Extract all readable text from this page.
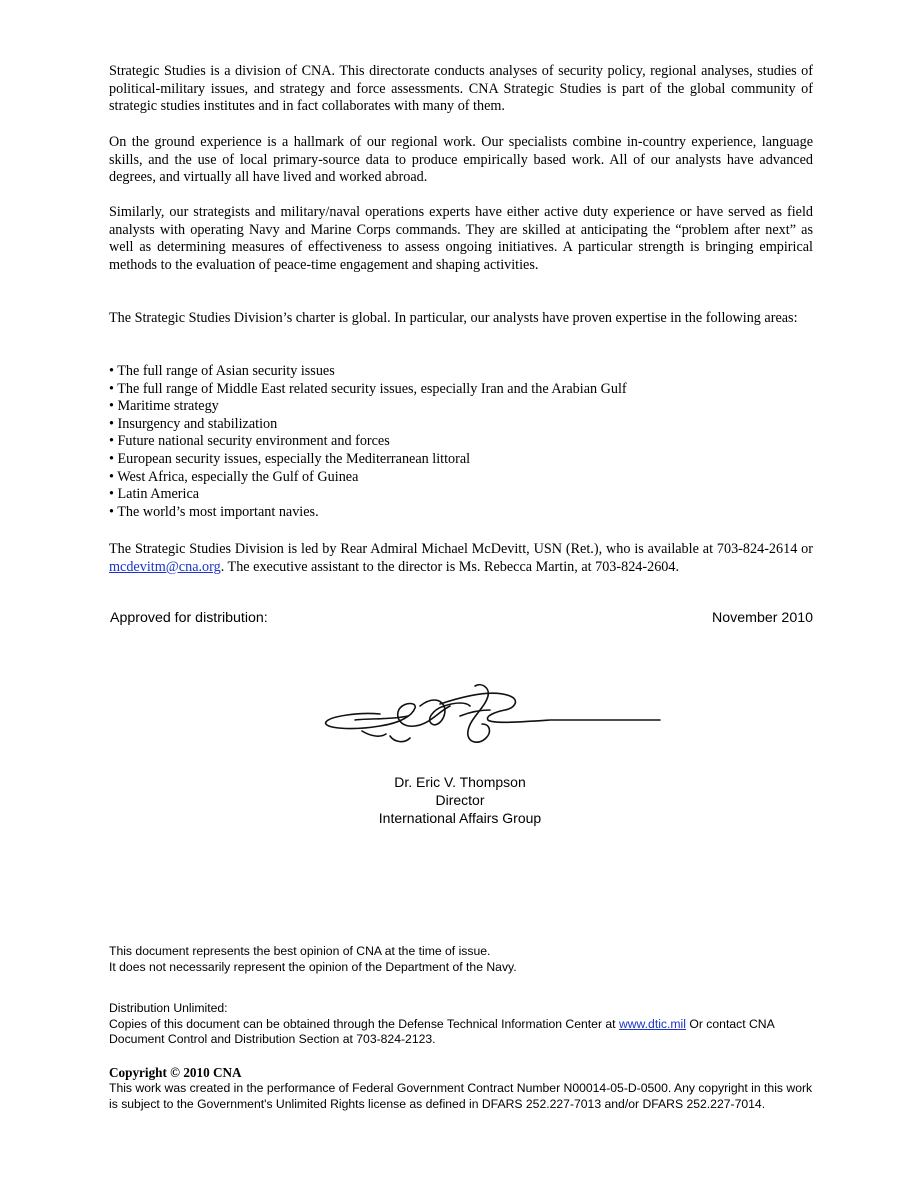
Strategic Studies is a division of CNA. This directorate conducts analyses of security policy, regional analyses, studies of political-military issues, and strategy and force assessments. CNA Strategic Studies is part of the global community of strategic studies institutes and in fact collaborates with many of them.

On the ground experience is a hallmark of our regional work. Our specialists combine in-country experience, language skills, and the use of local primary-source data to produce empirically based work. All of our analysts have advanced degrees, and virtually all have lived and worked abroad.

Similarly, our strategists and military/naval operations experts have either active duty experience or have served as field analysts with operating Navy and Marine Corps commands. They are skilled at anticipating the “problem after next” as well as determining measures of effectiveness to assess ongoing initiatives. A particular strength is bringing empirical methods to the evaluation of peace-time engagement and shaping activities.

The Strategic Studies Division’s charter is global. In particular, our analysts have proven expertise in the following areas:

• The full range of Asian security issues
• The full range of Middle East related security issues, especially Iran and the Arabian Gulf
• Maritime strategy
• Insurgency and stabilization
• Future national security environment and forces
• European security issues, especially the Mediterranean littoral
• West Africa, especially the Gulf of Guinea
• Latin America
• The world’s most important navies.

The Strategic Studies Division is led by Rear Admiral Michael McDevitt, USN (Ret.), who is available at 703-824-2614 or mcdevitm@cna.org. The executive assistant to the director is Ms. Rebecca Martin, at 703-824-2604.

Approved for distribution:	November 2010
Dr. Eric V. Thompson
Director
International Affairs Group
This document represents the best opinion of CNA at the time of issue.
It does not necessarily represent the opinion of the Department of the Navy.
Distribution Unlimited:
Copies of this document can be obtained through the Defense Technical Information Center at www.dtic.mil Or contact CNA Document Control and Distribution Section at 703-824-2123.
Copyright © 2010 CNA
This work was created in the performance of Federal Government Contract Number N00014-05-D-0500. Any copyright in this work is subject to the Government's Unlimited Rights license as defined in DFARS 252.227-7013 and/or DFARS 252.227-7014.
